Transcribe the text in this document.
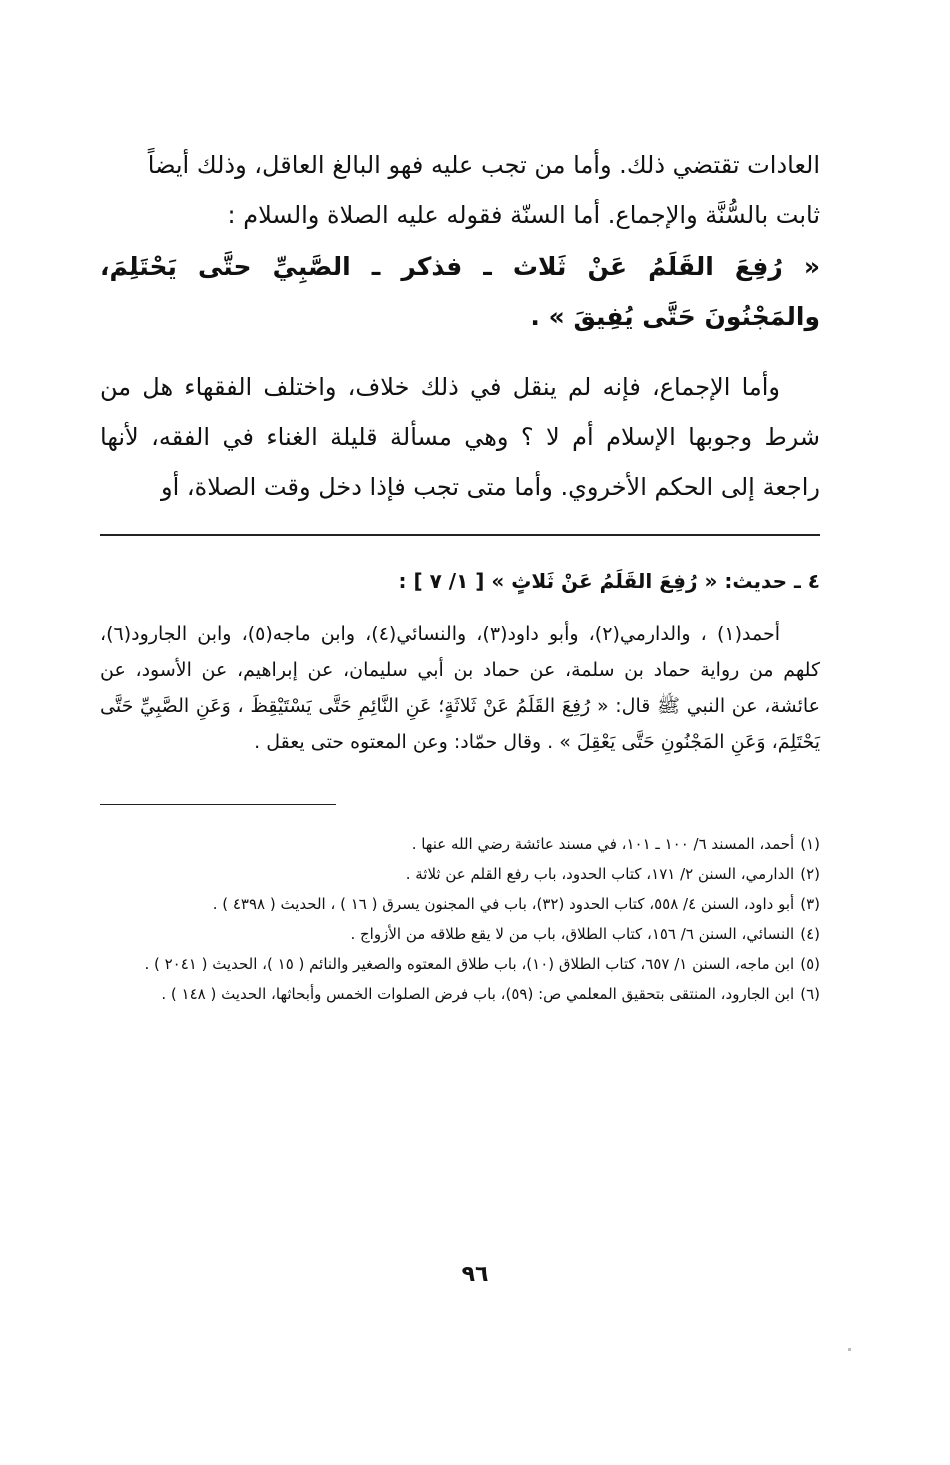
العادات تقتضي ذلك. وأما من تجب عليه فهو البالغ العاقل، وذلك أيضاً

ثابت بالسُّنَّة والإجماع. أما السنّة فقوله عليه الصلاة والسلام :

« رُفِعَ القَلَمُ عَنْ ثَلاث ـ فذكر ـ الصَّبِيِّ حتَّى يَحْتَلِمَ، والمَجْنُونَ حَتَّى يُفِيقَ » .

وأما الإجماع، فإنه لم ينقل في ذلك خلاف، واختلف الفقهاء هل من شرط وجوبها الإسلام أم لا ؟ وهي مسألة قليلة الغناء في الفقه، لأنها راجعة إلى الحكم الأخروي. وأما متى تجب فإذا دخل وقت الصلاة، أو

٤ ـ حديث: « رُفِعَ القَلَمُ عَنْ ثَلاثٍ » [ ١/ ٧ ] :
أحمد(١) ، والدارمي(٢)، وأبو داود(٣)، والنسائي(٤)، وابن ماجه(٥)، وابن الجارود(٦)، كلهم من رواية حماد بن سلمة، عن حماد بن أبي سليمان، عن إبراهيم، عن الأسود، عن عائشة، عن النبي ﷺ قال: « رُفِعَ القَلَمُ عَنْ ثَلاثَةٍ؛ عَنِ النَّائِمِ حَتَّى يَسْتَيْقِظَ ، وَعَنِ الصَّبِيِّ حَتَّى يَحْتَلِمَ، وَعَنِ المَجْنُونِ حَتَّى يَعْقِلَ » . وقال حمّاد: وعن المعتوه حتى يعقل .

(١)أحمد، المسند ٦/ ١٠٠ ـ ١٠١، في مسند عائشة رضي الله عنها .

(٢)الدارمي، السنن ٢/ ١٧١، كتاب الحدود، باب رفع القلم عن ثلاثة .

(٣)أبو داود، السنن ٤/ ٥٥٨، كتاب الحدود (٣٢)، باب في المجنون يسرق ( ١٦ ) ، الحديث ( ٤٣٩٨ ) .

(٤)النسائي، السنن ٦/ ١٥٦، كتاب الطلاق، باب من لا يقع طلاقه من الأزواج .

(٥)ابن ماجه، السنن ١/ ٦٥٧، كتاب الطلاق (١٠)، باب طلاق المعتوه والصغير والنائم ( ١٥ )، الحديث ( ٢٠٤١ ) .

(٦)ابن الجارود، المنتقى بتحقيق المعلمي ص: (٥٩)، باب فرض الصلوات الخمس وأبحاثها، الحديث ( ١٤٨ ) .

٩٦
